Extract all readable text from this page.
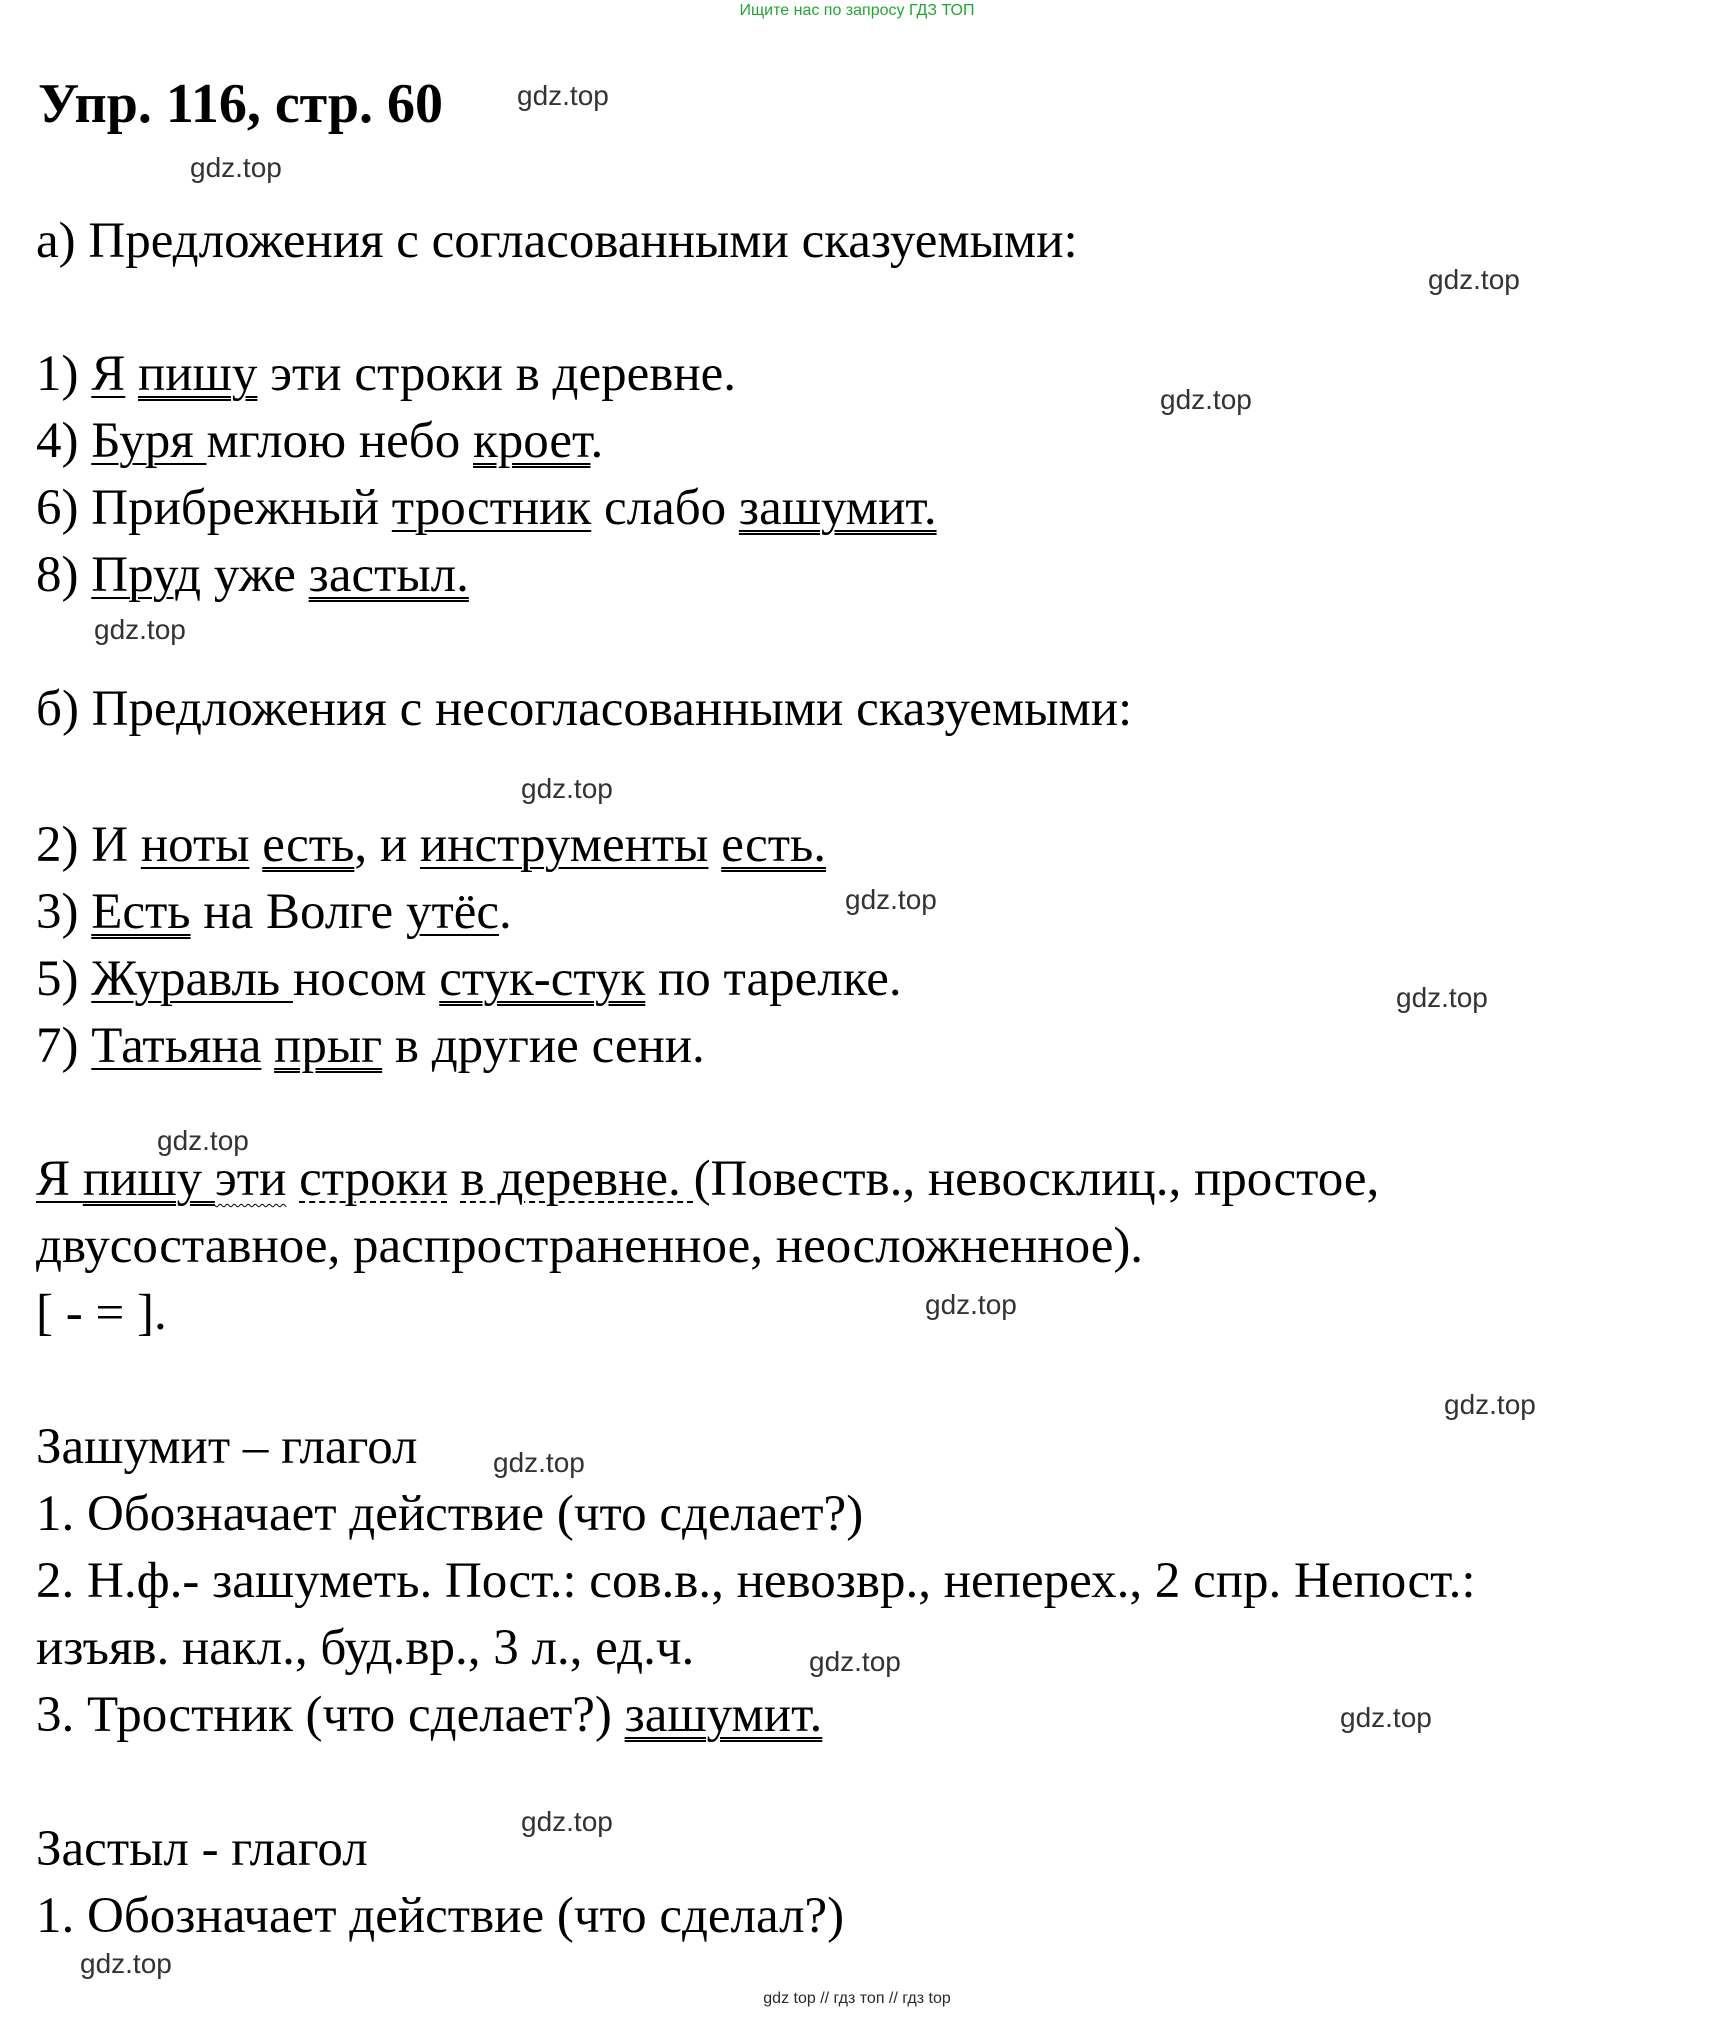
Ищите нас по запросу ГДЗ ТОП
Упр. 116, стр. 60	gdz.top
gdz.top
gdz.top
gdz.top
gdz.top
gdz.top
gdz.top
gdz.top
gdz.top
gdz.top
gdz.top
gdz.top
gdz.top
gdz.top
gdz.top
gdz.top
а) Предложения с согласованными сказуемыми:
1) Я пишу эти строки в деревне.
4) Буря мглою небо кроет.
6) Прибрежный тростник слабо зашумит.
8) Пруд уже застыл.
б) Предложения с несогласованными сказуемыми:
2) И ноты есть, и инструменты есть.
3) Есть на Волге утёс.
5) Журавль носом стук-стук по тарелке.
7) Татьяна прыг в другие сени.
Я пишу эти строки в деревне. (Повеств., невосклиц., простое,
двусоставное, распространенное, неосложненное).
[ - = ].
Зашумит – глагол
1. Обозначает действие (что сделает?)
2. Н.ф.- зашуметь. Пост.: сов.в., невозвр., неперех., 2 спр. Непост.:
изъяв. накл., буд.вр., 3 л., ед.ч.
3. Тростник (что сделает?) зашумит.
Застыл - глагол
1. Обозначает действие (что сделал?)
gdz top // гдз топ // гдз top
